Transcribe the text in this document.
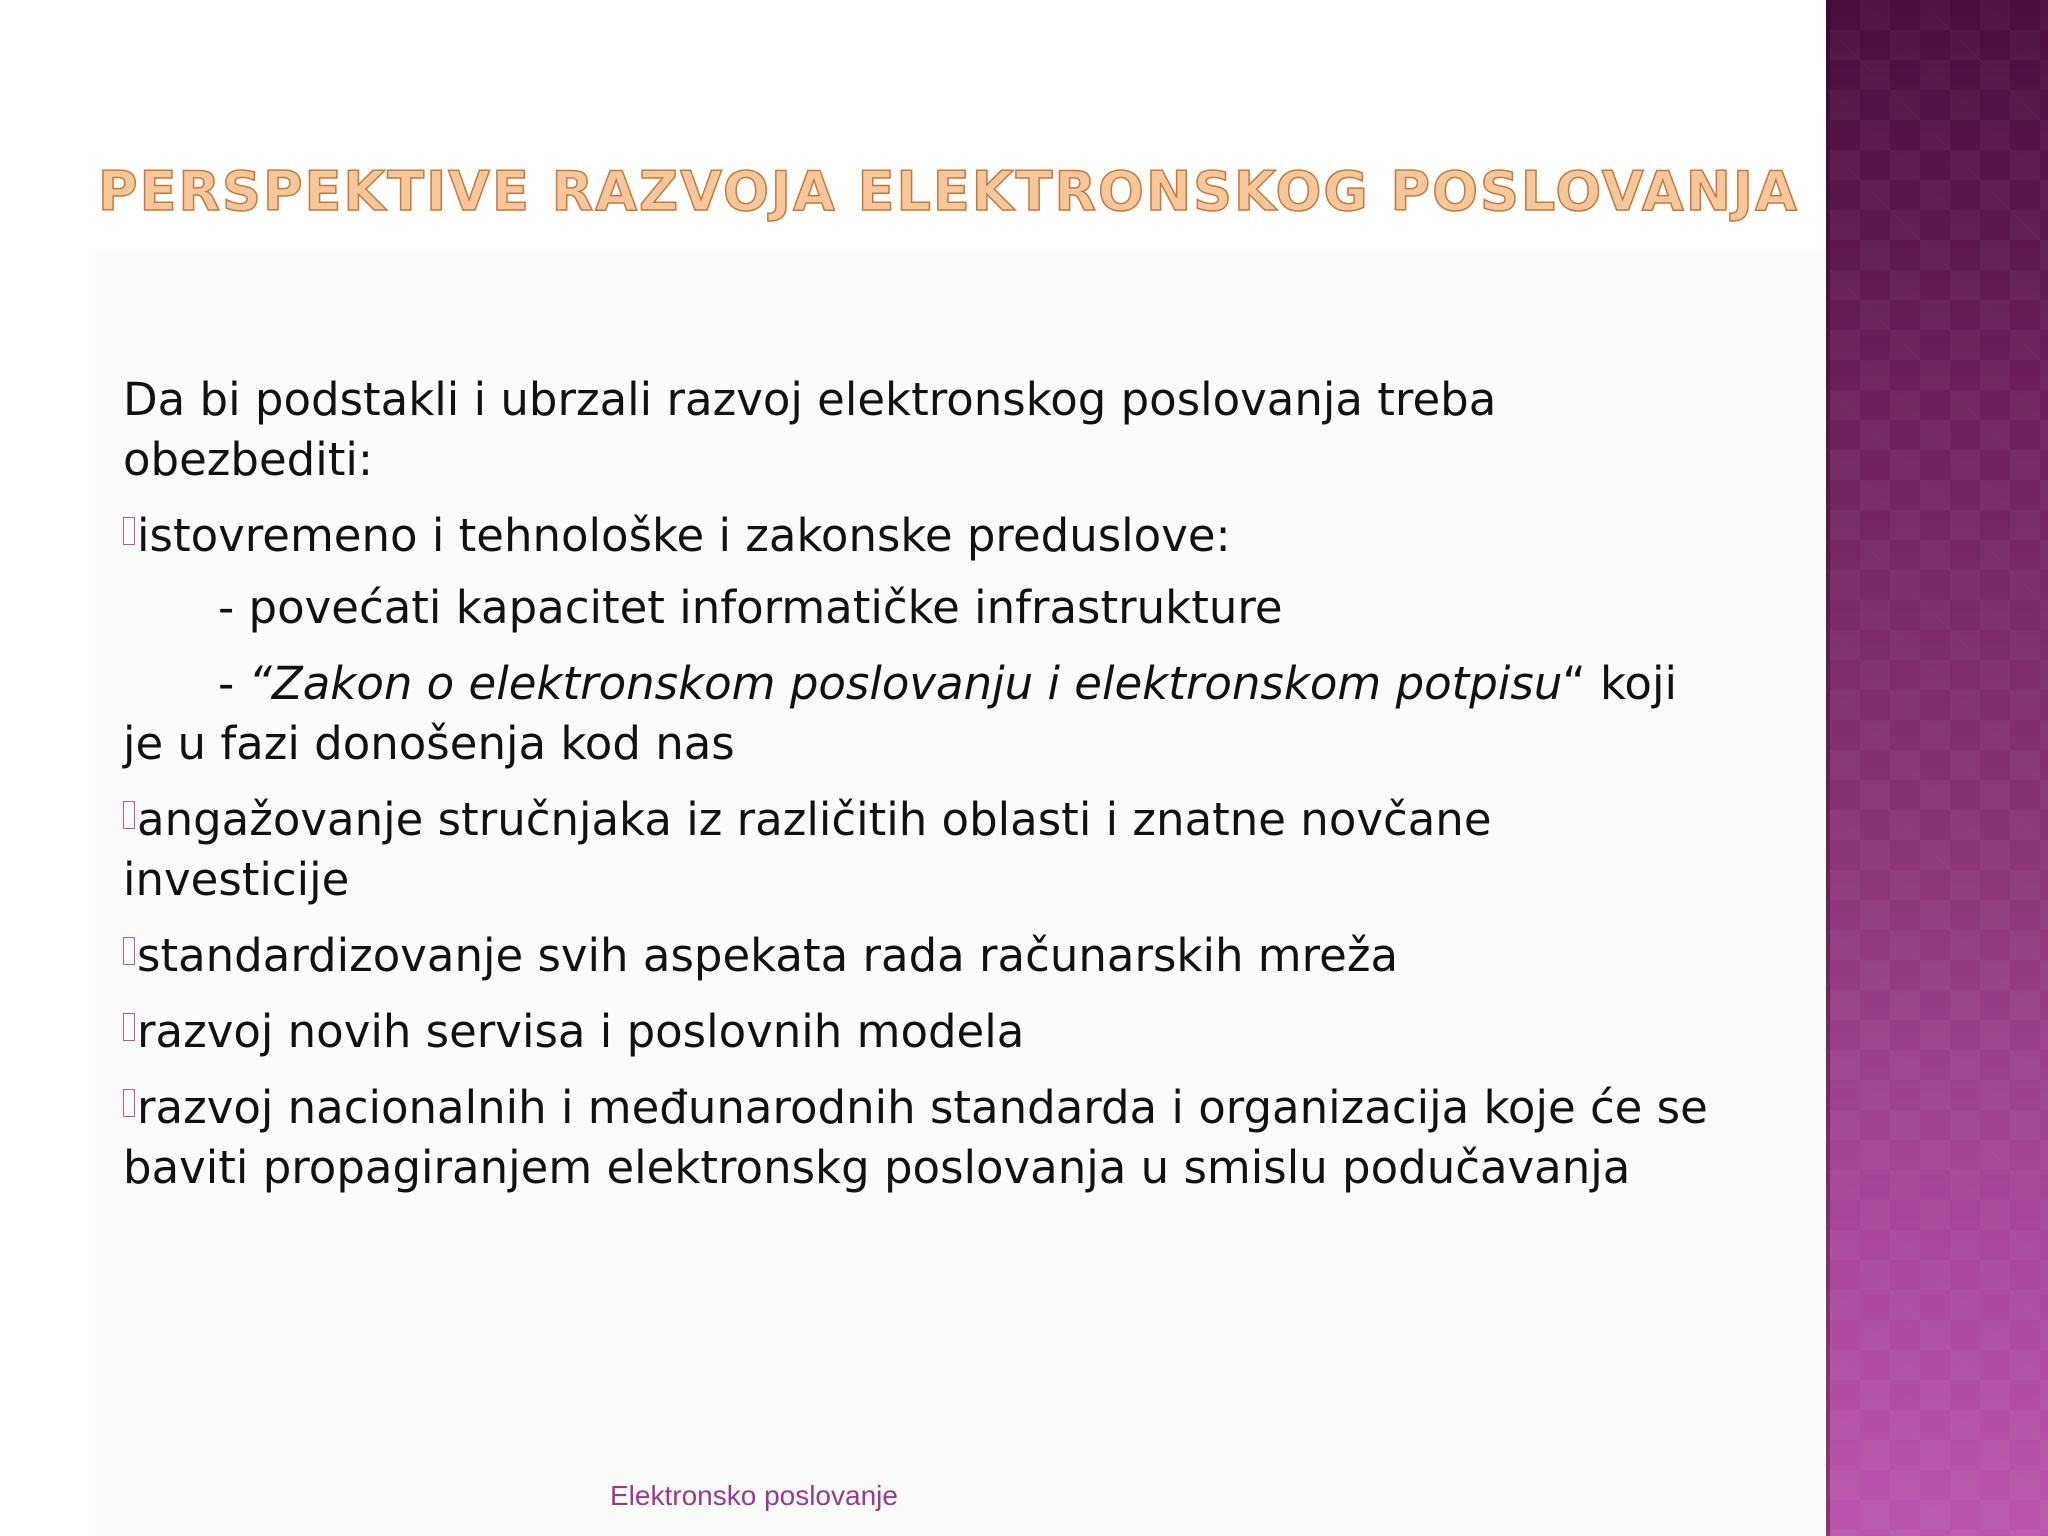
PERSPEKTIVE RAZVOJA ELEKTRONSKOG POSLOVANJA

Da bi podstakli i ubrzali razvoj elektronskog poslovanja treba obezbediti:

istovremeno i tehnološke i zakonske preduslove:

- povećati kapacitet informatičke infrastrukture

- “Zakon o elektronskom poslovanju i elektronskom potpisu“ koji je u fazi donošenja kod nas

angažovanje stručnjaka iz različitih oblasti i znatne novčane investicije

standardizovanje svih aspekata rada računarskih mreža

razvoj novih servisa i poslovnih modela

razvoj nacionalnih i međunarodnih standarda i organizacija koje će se baviti propagiranjem elektronskg poslovanja u smislu podučavanja

Elektronsko poslovanje
